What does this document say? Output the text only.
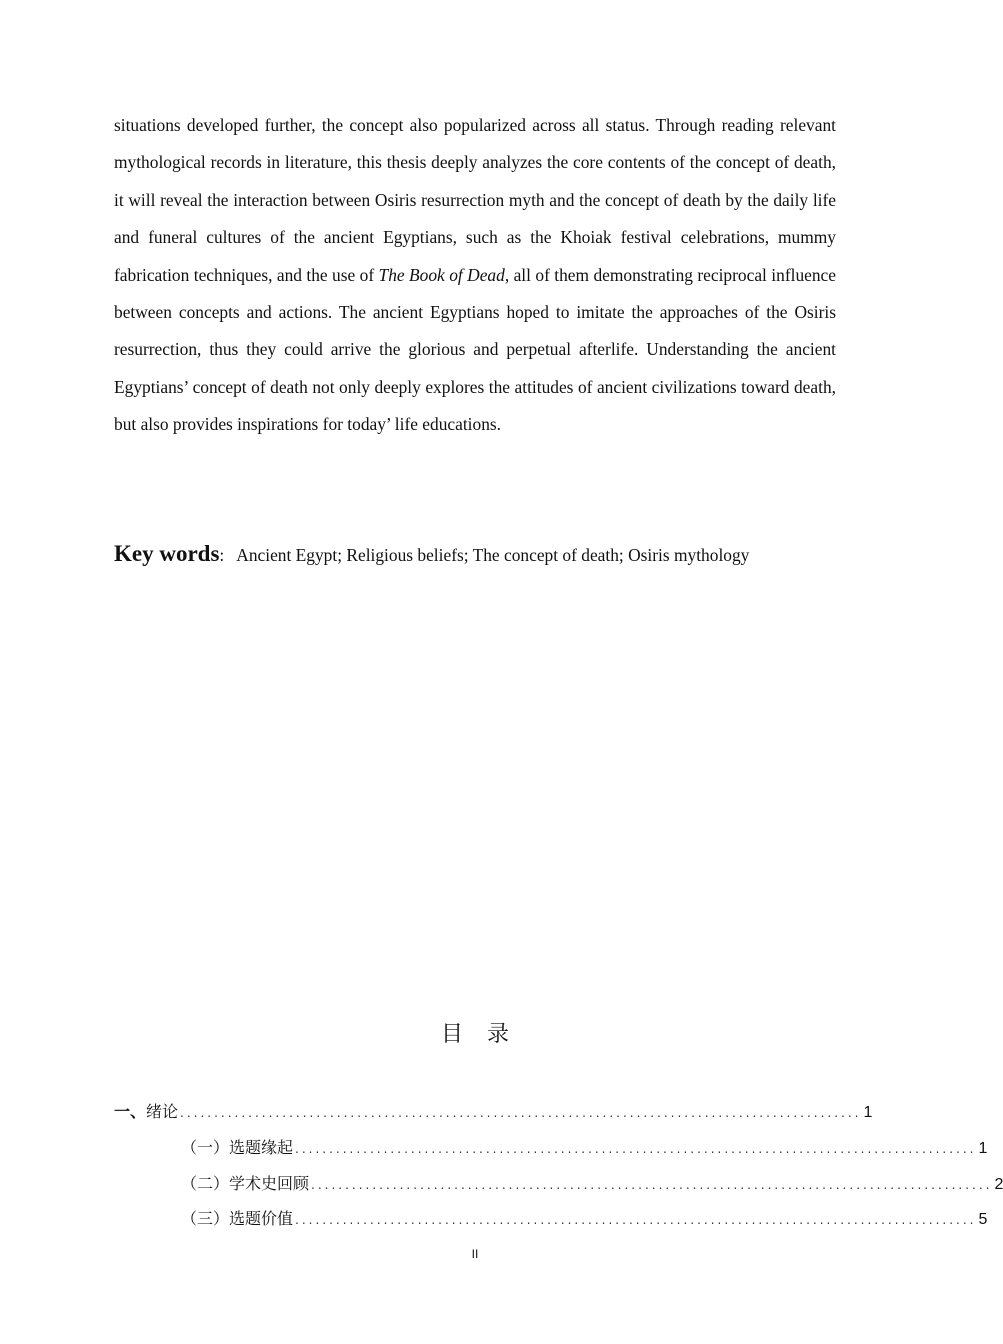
situations developed further, the concept also popularized across all status. Through reading relevant mythological records in literature, this thesis deeply analyzes the core contents of the concept of death, it will reveal the interaction between Osiris resurrection myth and the concept of death by the daily life and funeral cultures of the ancient Egyptians, such as the Khoiak festival celebrations, mummy fabrication techniques, and the use of The Book of Dead, all of them demonstrating reciprocal influence between concepts and actions. The ancient Egyptians hoped to imitate the approaches of the Osiris resurrection, thus they could arrive the glorious and perpetual afterlife. Understanding the ancient Egyptians’ concept of death not only deeply explores the attitudes of ancient civilizations toward death, but also provides inspirations for today’ life educations.

Key words: Ancient Egypt; Religious beliefs; The concept of death; Osiris mythology
目录
一、 绪论 .................................................................................................... 1
（一） 选题缘起 .................................................................................................... 1
（二） 学术史回顾 .................................................................................................... 2
（三） 选题价值 .................................................................................................... 5
II
